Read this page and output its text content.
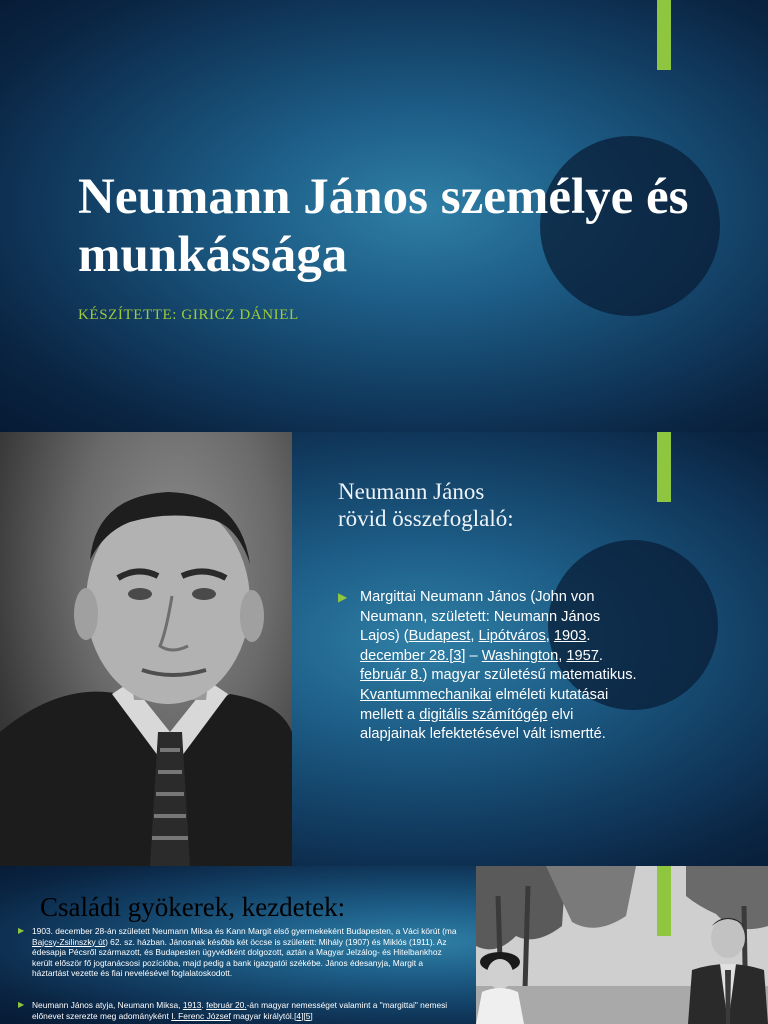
Neumann János személye és munkássága
KÉSZÍTETTE: GIRICZ DÁNIEL
Neumann János
rövid összefoglaló:
▶ Margittai Neumann János (John von Neumann, született: Neumann János Lajos) (Budapest, Lipótváros, 1903. december 28.[3] – Washington, 1957. február 8.) magyar születésű matematikus. Kvantummechanikai elméleti kutatásai mellett a digitális számítógép elvi alapjainak lefektetésével vált ismertté.
Családi gyökerek, kezdetek:
▶ 1903. december 28-án született Neumann Miksa és Kann Margit első gyermekeként Budapesten, a Váci körút (ma Bajcsy-Zsilinszky út) 62. sz. házban. Jánosnak később két öccse is született: Mihály (1907) és Miklós (1911). Az édesapja Pécsről származott, és Budapesten ügyvédként dolgozott, aztán a Magyar Jelzálog- és Hitelbankhoz került először fő jogtanácsosi pozícióba, majd pedig a bank igazgatói székébe. János édesanyja, Margit a háztartást vezette és fiai nevelésével foglalatoskodott.
▶ Neumann János atyja, Neumann Miksa, 1913. február 20.-án magyar nemességet valamint a "margittai" nemesi előnevet szerezte meg adományként I. Ferenc József magyar királytól.[4][5]
